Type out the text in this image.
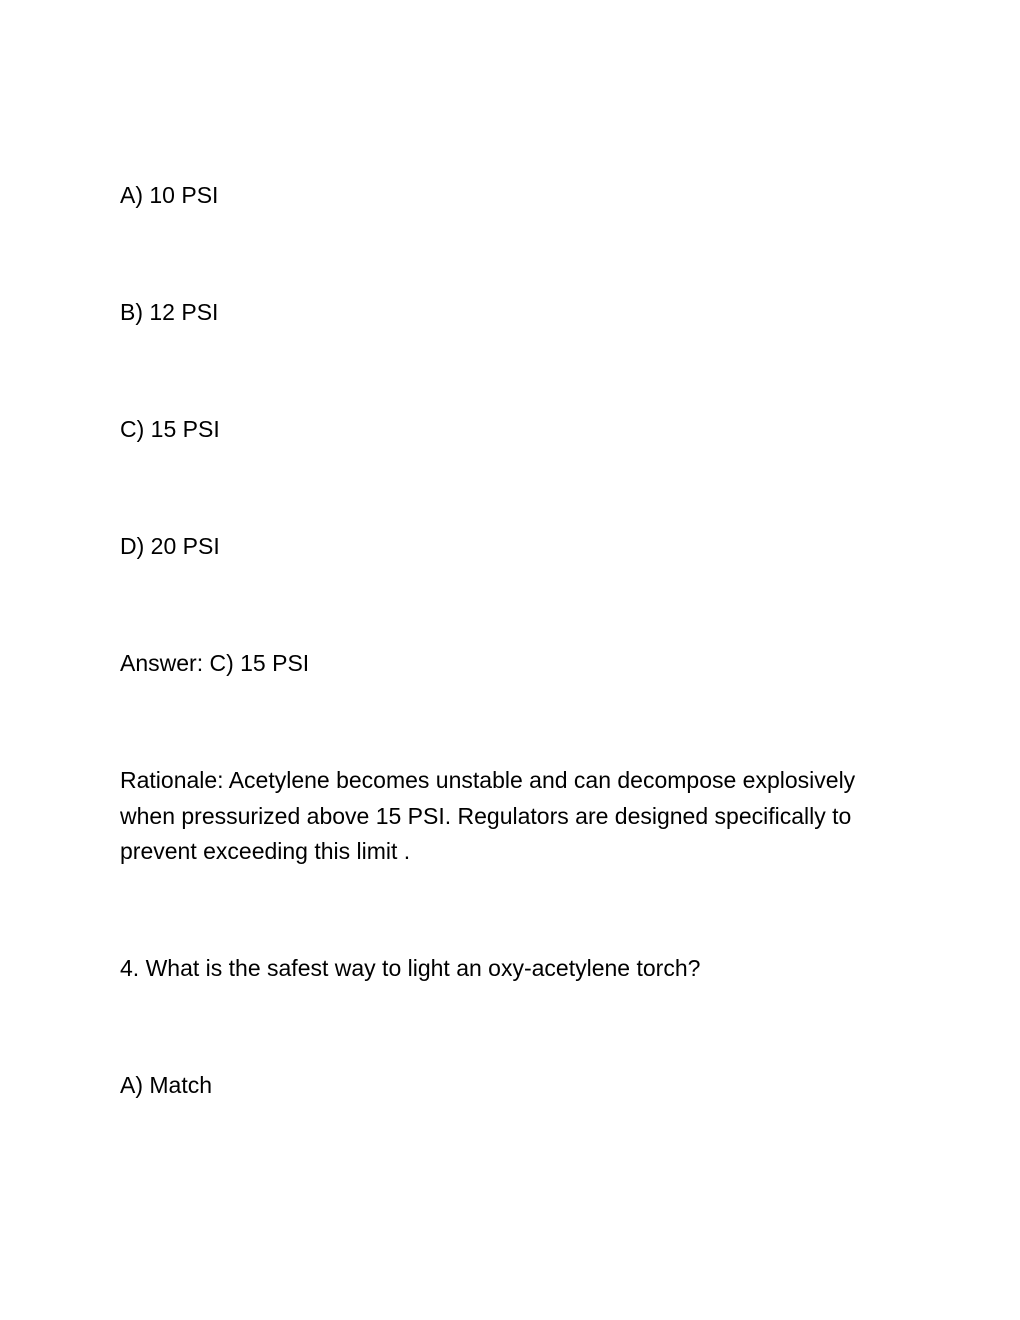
A) 10 PSI
B) 12 PSI
C) 15 PSI
D) 20 PSI
Answer: C) 15 PSI
Rationale: Acetylene becomes unstable and can decompose explosively when pressurized above 15 PSI. Regulators are designed specifically to prevent exceeding this limit .
4. What is the safest way to light an oxy-acetylene torch?
A) Match
